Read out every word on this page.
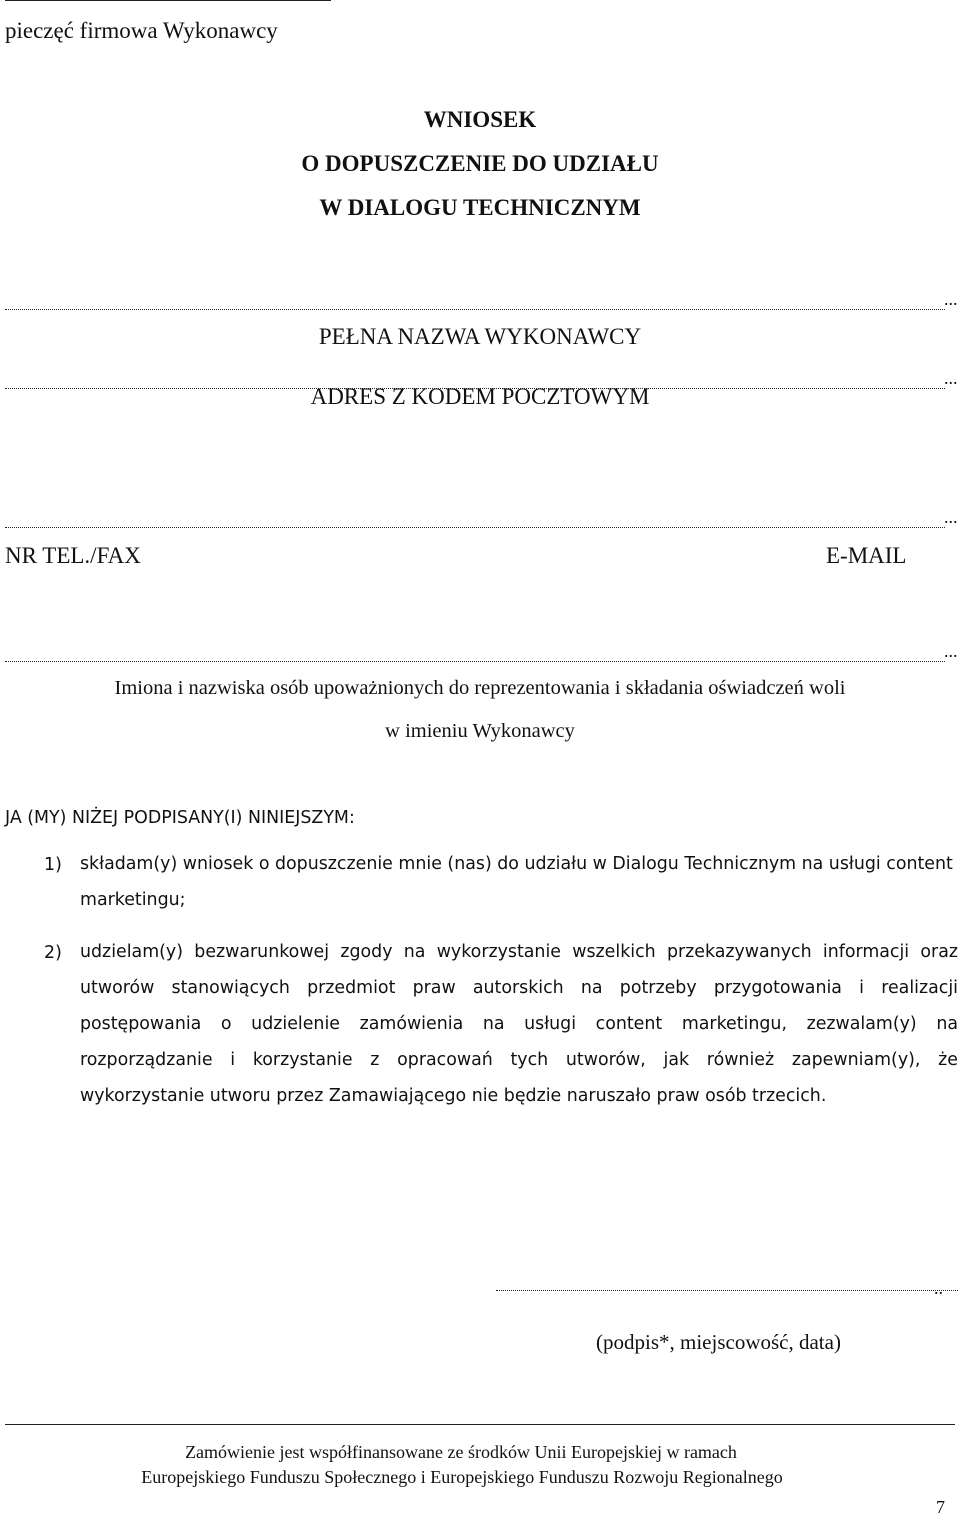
pieczęć firmowa Wykonawcy
WNIOSEK
O DOPUSZCZENIE DO UDZIAŁU
W DIALOGU TECHNICZNYM
...
PEŁNA NAZWA WYKONAWCY
...
ADRES Z KODEM POCZTOWYM
...
NR TEL./FAX	E-MAIL
...
Imiona i nazwiska osób upoważnionych do reprezentowania i składania oświadczeń woli
w imieniu Wykonawcy
JA (MY) NIŻEJ PODPISANY(I) NINIEJSZYM:
1) składam(y) wniosek o dopuszczenie mnie (nas) do udziału w Dialogu Technicznym na usługi content marketingu;
2) udzielam(y) bezwarunkowej zgody na wykorzystanie wszelkich przekazywanych informacji oraz utworów stanowiących przedmiot praw autorskich na potrzeby przygotowania i realizacji postępowania o udzielenie zamówienia na usługi content marketingu, zezwalam(y) na rozporządzanie i korzystanie z opracowań tych utworów, jak również zapewniam(y), że wykorzystanie utworu przez Zamawiającego nie będzie naruszało praw osób trzecich.
..
(podpis*, miejscowość, data)
Zamówienie jest współfinansowane ze środków Unii Europejskiej w ramach
Europejskiego Funduszu Społecznego i Europejskiego Funduszu Rozwoju Regionalnego
7
